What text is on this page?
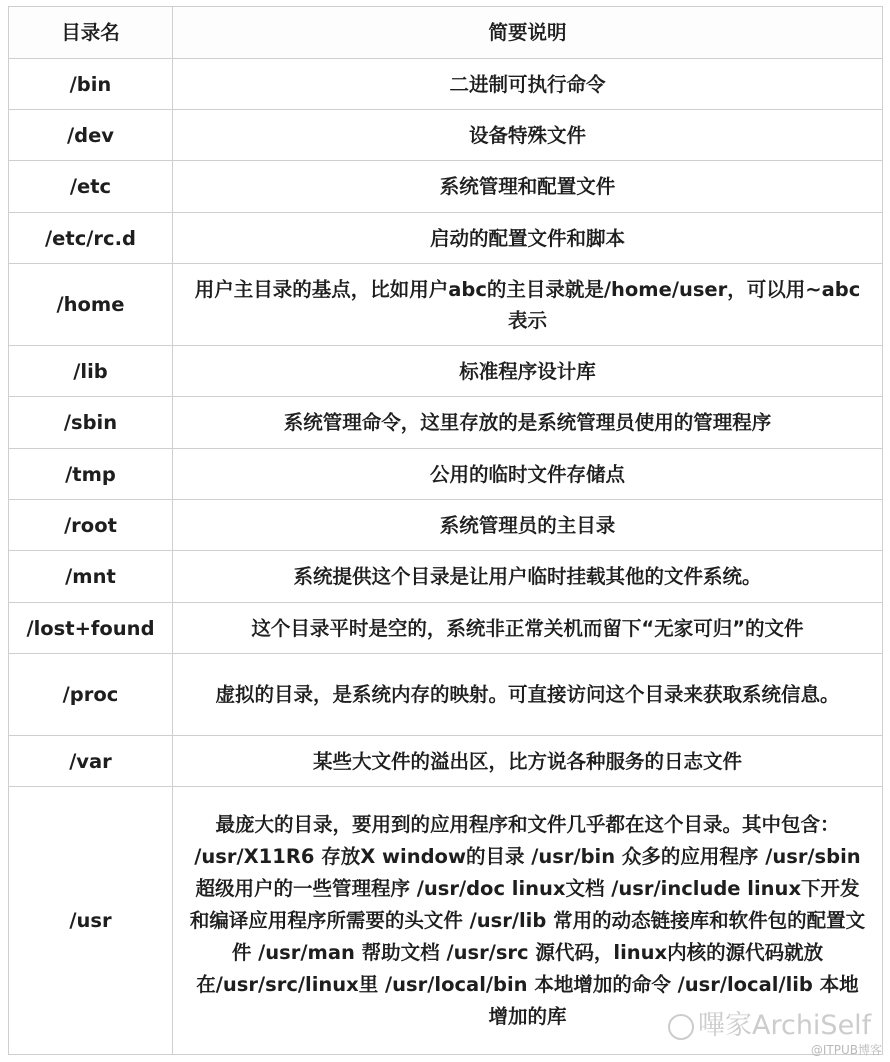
目录名	简要说明
/bin	二进制可执行命令
/dev	设备特殊文件
/etc	系统管理和配置文件
/etc/rc.d	启动的配置文件和脚本
/home	用户主目录的基点，比如用户abc的主目录就是/home/user，可以用~abc表示
/lib	标准程序设计库
/sbin	系统管理命令，这里存放的是系统管理员使用的管理程序
/tmp	公用的临时文件存储点
/root	系统管理员的主目录
/mnt	系统提供这个目录是让用户临时挂载其他的文件系统。
/lost+found	这个目录平时是空的，系统非正常关机而留下“无家可归”的文件
/proc	虚拟的目录，是系统内存的映射。可直接访问这个目录来获取系统信息。
/var	某些大文件的溢出区，比方说各种服务的日志文件
/usr	最庞大的目录，要用到的应用程序和文件几乎都在这个目录。其中包含： /usr/X11R6 存放X window的目录 /usr/bin 众多的应用程序 /usr/sbin 超级用户的一些管理程序 /usr/doc linux文档 /usr/include linux下开发和编译应用程序所需要的头文件 /usr/lib 常用的动态链接库和软件包的配置文件 /usr/man 帮助文档 /usr/src 源代码，linux内核的源代码就放在/usr/src/linux里 /usr/local/bin 本地增加的命令 /usr/local/lib 本地增加的库	嗶家ArchiSelf
@ITPUB博客
